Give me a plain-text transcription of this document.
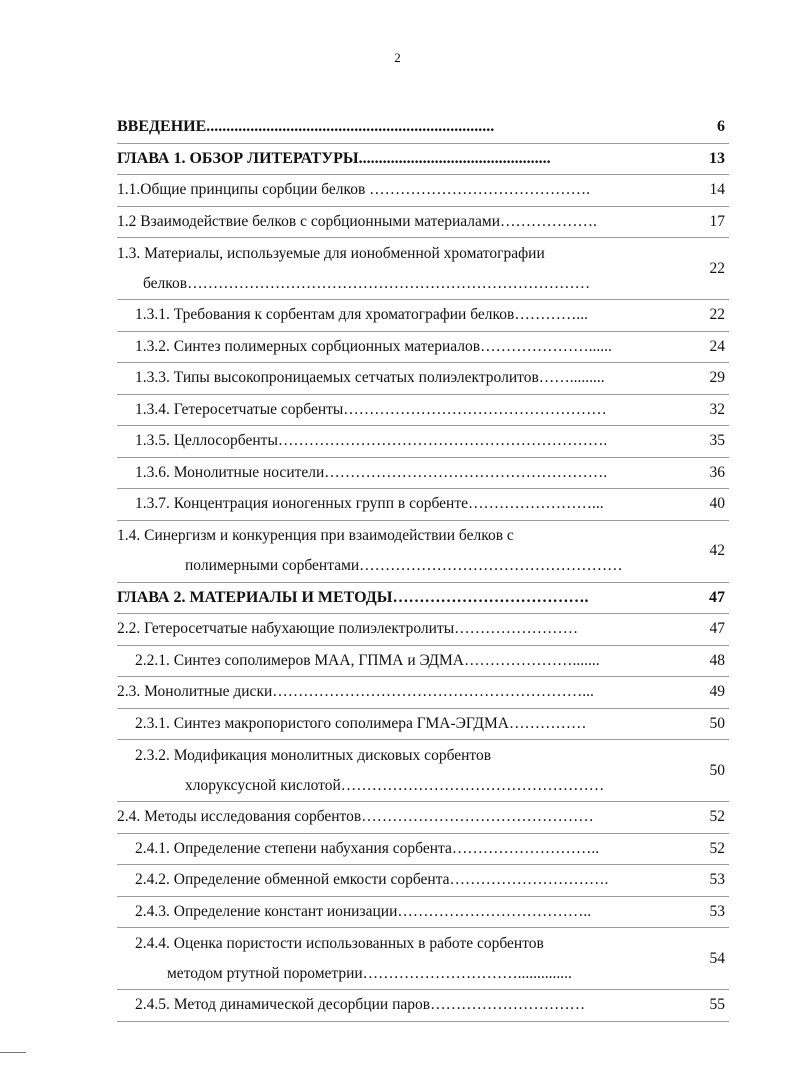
2
ВВЕДЕНИЕ........................................................................	6

ГЛАВА 1. ОБЗОР ЛИТЕРАТУРЫ................................................	13

1.1.Общие принципы сорбции белков …………………………………….	14

1.2 Взаимодействие белков с сорбционными материалами……………….	17

1.3. Материалы, используемые для ионобменной хроматографии
белков……………………………………………………………………	22

1.3.1. Требования к сорбентам для хроматографии белков…………...	22

1.3.2. Синтез полимерных сорбционных материалов…………………......	24

1.3.3. Типы высокопроницаемых сетчатых полиэлектролитов…….........	29

1.3.4. Гетеросетчатые сорбенты……………………………………………	32

1.3.5. Целлосорбенты……………………………………………………….	35

1.3.6. Монолитные носители……………………………………………….	36

1.3.7. Концентрация ионогенных групп в сорбенте……………………...	40

1.4. Синергизм и конкуренция при взаимодействии белков с
полимерными сорбентами……………………………………………	42

ГЛАВА 2. МАТЕРИАЛЫ И МЕТОДЫ……………………………….	47

2.2. Гетеросетчатые набухающие полиэлектролиты……………………	47

2.2.1. Синтез сополимеров МАА, ГПМА и ЭДМА………………….......	48

2.3. Монолитные диски……………………………………………………...	49

2.3.1. Синтез макропористого сополимера ГМА-ЭГДМА……………	50

2.3.2. Модификация монолитных дисковых сорбентов
хлоруксусной кислотой……………………………………………	50

2.4. Методы исследования сорбентов………………………………………	52

2.4.1. Определение степени набухания сорбента………………………..	52

2.4.2. Определение обменной емкости сорбента………………………….	53

2.4.3. Определение констант ионизации………………………………..	53

2.4.4. Оценка пористости использованных в работе сорбентов
методом ртутной порометрии…………………………..............	54

2.4.5. Метод динамической десорбции паров…………………………	55
